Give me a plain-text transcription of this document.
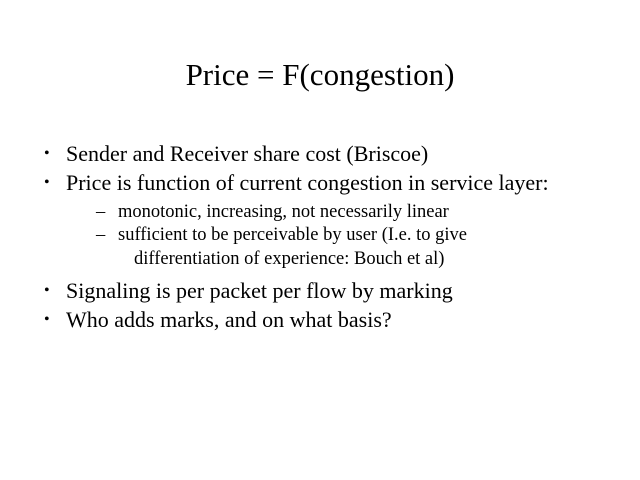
Price = F(congestion)
• Sender and Receiver share cost (Briscoe)
• Price is function of current congestion in service layer:
– monotonic, increasing, not necessarily linear
– sufficient to be perceivable by user (I.e. to give
differentiation of experience: Bouch et al)
• Signaling is per packet per flow by marking
• Who adds marks, and on what basis?
